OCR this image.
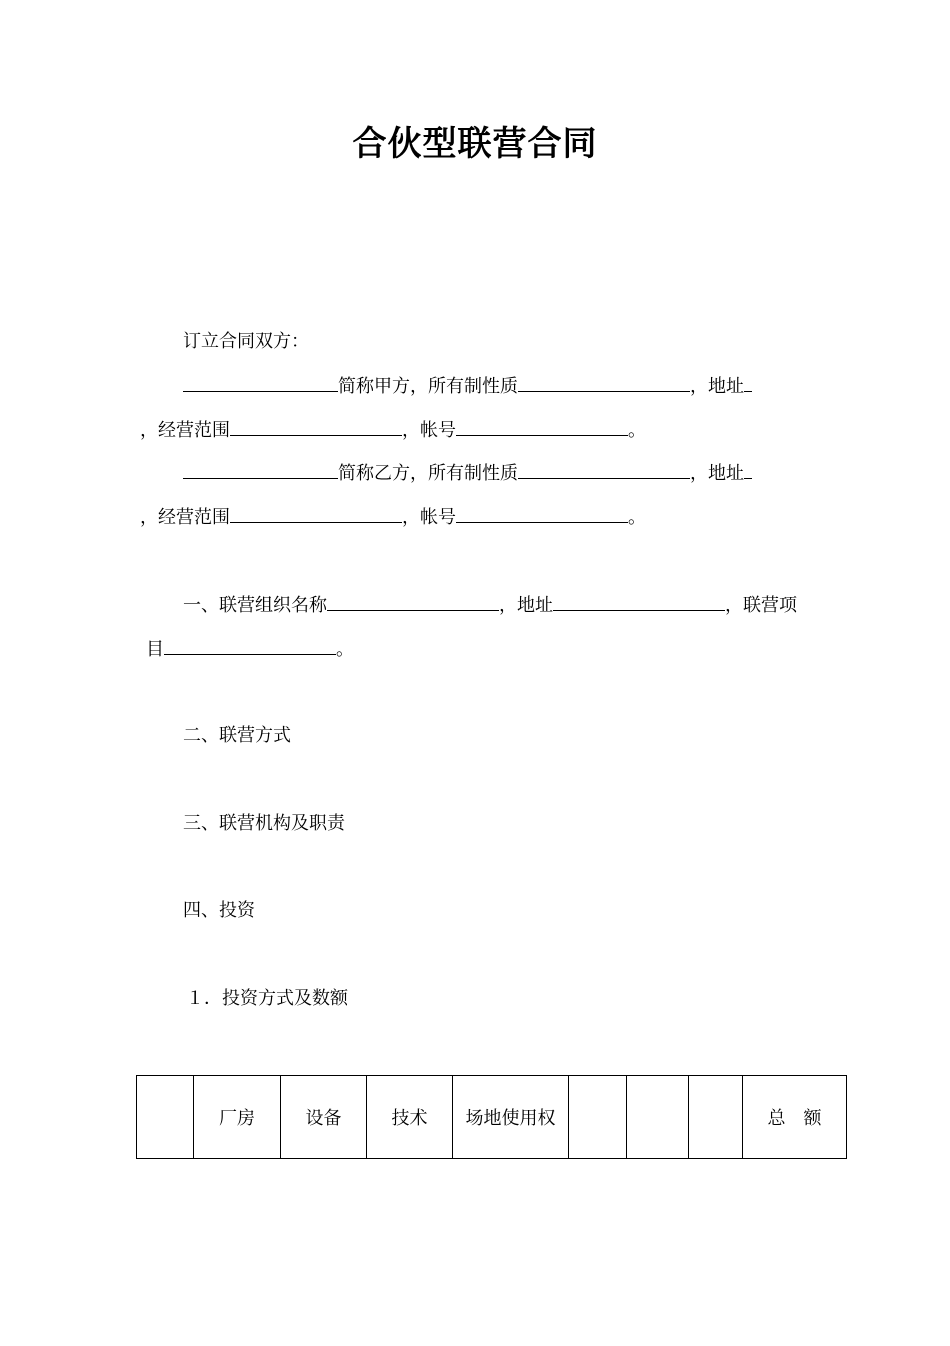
合伙型联营合同
订立合同双方：
简称甲方，所有制性质	，地址
，经营范围	，帐号	。
简称乙方，所有制性质	，地址
，经营范围	，帐号	。
一、联营组织名称	，地址	，联营项
目	。
二、联营方式
三、联营机构及职责
四、投资
１．投资方式及数额
	厂房	设备	技术	场地使用权				总　额
